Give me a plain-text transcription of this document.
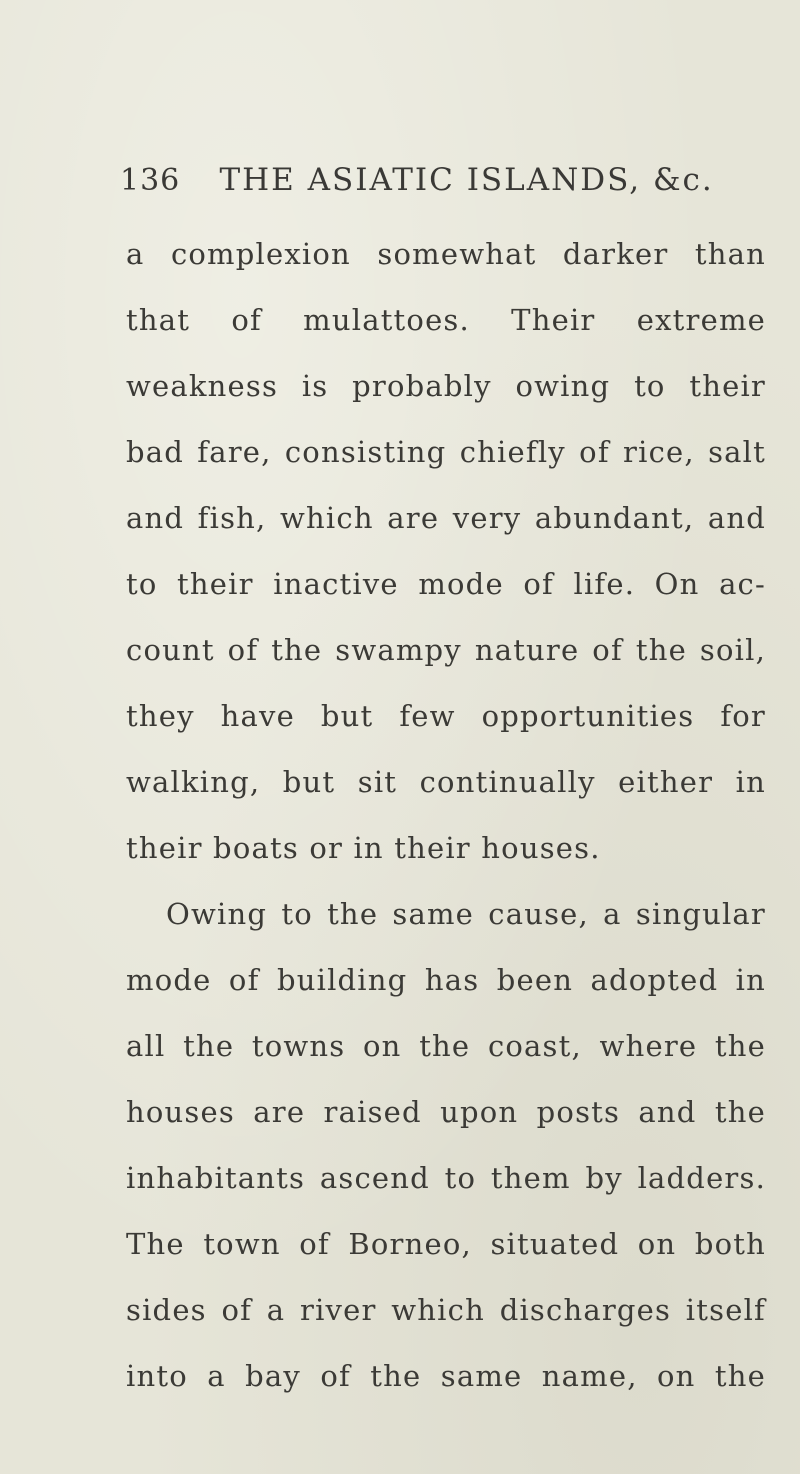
136 THE ASIATIC ISLANDS, &c.
a complexion somewhat darker than
that of mulattoes. Their extreme
weakness is probably owing to their
bad fare, consisting chiefly of rice, salt
and fish, which are very abundant, and
to their inactive mode of life. On ac-
count of the swampy nature of the soil,
they have but few opportunities for
walking, but sit continually either in
their boats or in their houses.
Owing to the same cause, a singular
mode of building has been adopted in
all the towns on the coast, where the
houses are raised upon posts and the
inhabitants ascend to them by ladders.
The town of Borneo, situated on both
sides of a river which discharges itself
into a bay of the same name, on the
